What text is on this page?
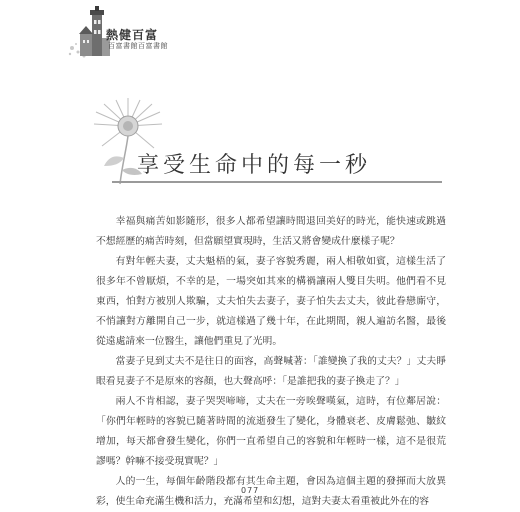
熱健百富
百富書館百富書館
享受生命中的每一秒

幸福與痛苦如影隨形，很多人都希望讓時間退回美好的時光，能快速或跳過不想經歷的痛苦時刻，但當願望實現時，生活又將會變成什麼樣子呢？

有對年輕夫妻，丈夫魁梧的氣，妻子容貌秀麗，兩人相敬如賓，這樣生活了很多年不曾厭煩，不幸的是，一場突如其來的構禍讓兩人雙目失明。他們看不見東西，怕對方被別人欺騙，丈夫怕失去妻子，妻子怕失去丈夫，彼此眷戀廝守，不悄讓對方離開自己一步，就這樣過了幾十年，在此期間，親人遍訪名醫，最後從遠處請來一位醫生，讓他們重見了光明。

當妻子見到丈夫不是往日的面容，高聲喊著：「誰變換了我的丈夫？」丈夫睜眼看見妻子不是原來的容顏，也大聲高呼：「是誰把我的妻子換走了？」

兩人不肯相認，妻子哭哭啼啼，丈夫在一旁唉聲嘆氣，這時，有位鄰居說：「你們年輕時的容貌已隨著時間的流逝發生了變化，身體衰老、皮膚鬆弛、皺紋增加，每天都會發生變化，你們一直希望自己的容貌和年輕時一樣，這不是很荒謬嗎？幹嘛不接受現實呢？」

人的一生，每個年齡階段都有其生命主題，會因為這個主題的發揮而大放異彩，使生命充滿生機和活力，充滿希望和幻想，這對夫妻太看重被此外在的容

077
